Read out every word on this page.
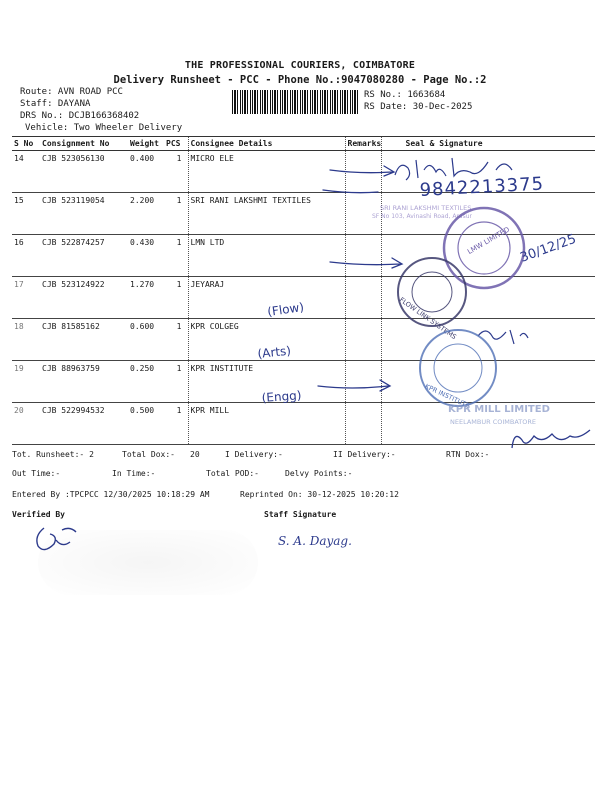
THE PROFESSIONAL COURIERS, COIMBATORE
Delivery Runsheet - PCC - Phone No.:9047080280 - Page No.:2
Route: AVN ROAD PCC
Staff: DAYANA
DRS No.: DCJB166368402
Vehicle: Two Wheeler Delivery
RS No.: 1663684
RS Date: 30-Dec-2025
S No	Consignment No	Weight	PCS	Consignee Details	Remarks	Seal & Signature
14	CJB 523056130	0.400	1	MICRO ELE		
15	CJB 523119054	2.200	1	SRI RANI LAKSHMI TEXTILES		
16	CJB 522874257	0.430	1	LMN LTD		
17	CJB 523124922	1.270	1	JEYARAJ		
18	CJB 81585162	0.600	1	KPR COLGEG		
19	CJB 88963759	0.250	1	KPR INSTITUTE		
20	CJB 522994532	0.500	1	KPR MILL		
Tot. Runsheet:- 2	Total Dox:- 20	I Delivery:-	II Delivery:-	RTN Dox:-
Out Time:-	In Time:-	Total POD:-	Delvy Points:-
Entered By :TPCPCC 12/30/2025 10:18:29 AM	Reprinted On: 30-12-2025 10:20:12
Verified By	Staff Signature
9842213375
SRI RANI LAKSHMI TEXTILES
SF No 103, Avinashi Road, Arasur
LMW LIMITED 30/12/25
FLOW LINK SYSTEMS
(Flow)
(Arts)
KPR INSTITUTE
(Engg)
KPR MILL LIMITED
NEELAMBUR COIMBATORE
S. A. Dayag.
